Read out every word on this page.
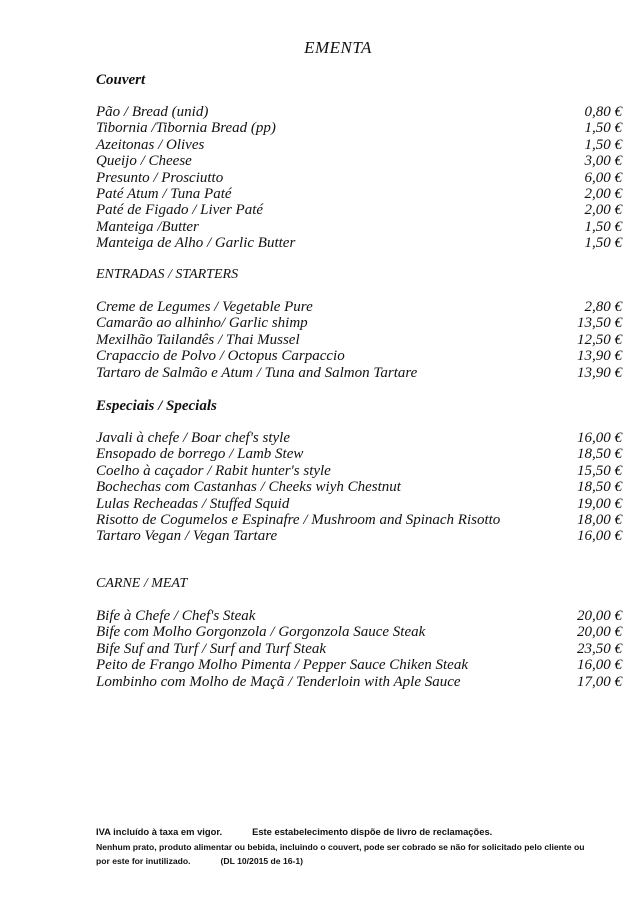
EMENTA
Couvert
Pão / Bread (unid)	0,80 €
Tibornia /Tibornia Bread (pp)	1,50 €
Azeitonas / Olives	1,50 €
Queijo / Cheese	3,00 €
Presunto / Prosciutto	6,00 €
Paté Atum / Tuna Paté	2,00 €
Paté de Figado / Liver Paté	2,00 €
Manteiga /Butter	1,50 €
Manteiga de Alho / Garlic Butter	1,50 €
ENTRADAS / STARTERS
Creme de Legumes / Vegetable Pure	2,80 €
Camarão ao alhinho/ Garlic shimp	13,50 €
Mexilhão Tailandês / Thai Mussel	12,50 €
Crapaccio de Polvo / Octopus Carpaccio	13,90 €
Tartaro de Salmão e Atum / Tuna and Salmon Tartare	13,90 €
Especiais / Specials
Javali à chefe / Boar chef's style	16,00 €
Ensopado de borrego / Lamb Stew	18,50 €
Coelho à caçador / Rabit hunter's style	15,50 €
Bochechas com Castanhas / Cheeks wiyh Chestnut	18,50 €
Lulas Recheadas / Stuffed Squid	19,00 €
Risotto de Cogumelos e Espinafre / Mushroom and Spinach Risotto	18,00 €
Tartaro Vegan / Vegan Tartare	16,00 €
CARNE / MEAT
Bife à Chefe / Chef's Steak	20,00 €
Bife com Molho Gorgonzola / Gorgonzola Sauce Steak	20,00 €
Bife Suf and Turf / Surf and Turf Steak	23,50 €
Peito de Frango Molho Pimenta / Pepper Sauce Chiken Steak	16,00 €
Lombinho com Molho de Maçã / Tenderloin with Aple Sauce	17,00 €
IVA incluído à taxa em vigor.	Este estabelecimento dispõe de livro de reclamações.
Nenhum prato, produto alimentar ou bebida, incluindo o couvert, pode ser cobrado se não for solicitado pelo cliente ou por este for inutilizado.	(DL 10/2015 de 16-1)
